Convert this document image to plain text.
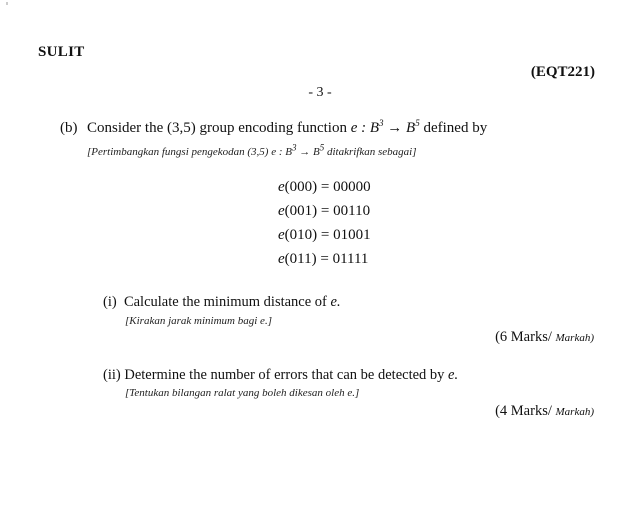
SULIT
(EQT221)
- 3 -
(b) Consider the (3,5) group encoding function e : $B^3 \to B^5$ defined by
[Pertimbangkan fungsi pengekodan (3,5) e : $B^3 \to B^5$ ditakrifkan sebagai]
e(000) = 00000
e(001) = 00110
e(010) = 01001
e(011) = 01111
(i) Calculate the minimum distance of e.
[Kirakan jarak minimum bagi e.]
(6 Marks/ Markah)
(ii) Determine the number of errors that can be detected by e.
[Tentukan bilangan ralat yang boleh dikesan oleh e.]
(4 Marks/ Markah)
